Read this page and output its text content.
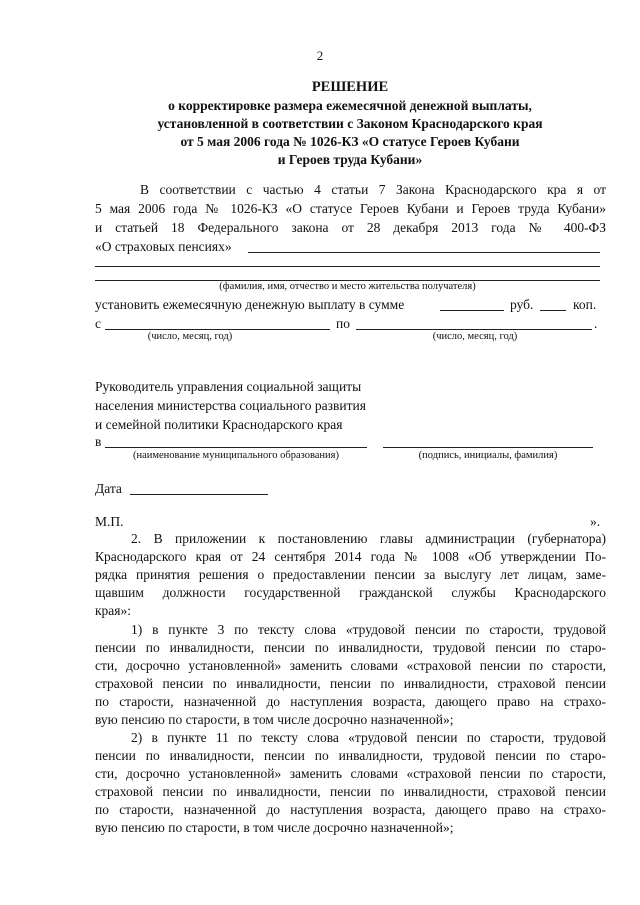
2
РЕШЕНИЕ
о корректировке размера ежемесячной денежной выплаты,
установленной в соответствии с Законом Краснодарского края
от 5 мая 2006 года № 1026-КЗ «О статусе Героев Кубани
и Героев труда Кубани»
В соответствии с частью 4 статьи 7 Закона Краснодарского кра я от
5 мая 2006 года № 1026-КЗ «О статусе Героев Кубани и Героев труда Кубани»
и статьей 18 Федерального закона от 28 декабря 2013 года № 400-ФЗ
«О страховых пенсиях»
(фамилия, имя, отчество и место жительства получателя)
установить ежемесячную денежную выплату в сумме	руб.	коп.
с	по	.
(число, месяц, год)	(число, месяц, год)
Руководитель управления социальной защиты
населения министерства социального развития
и семейной политики Краснодарского края
в
(наименование муниципального образования)	(подпись, инициалы, фамилия)
Дата
М.П.	».
2. В приложении к постановлению главы администрации (губернатора)
Краснодарского края от 24 сентября 2014 года № 1008 «Об утверждении По-
рядка принятия решения о предоставлении пенсии за выслугу лет лицам, заме-
щавшим должности государственной гражданской службы Краснодарского
края»:
1) в пункте 3 по тексту слова «трудовой пенсии по старости, трудовой
пенсии по инвалидности, пенсии по инвалидности, трудовой пенсии по старо-
сти, досрочно установленной» заменить словами «страховой пенсии по старости,
страховой пенсии по инвалидности, пенсии по инвалидности, страховой пенсии
по старости, назначенной до наступления возраста, дающего право на страхо-
вую пенсию по старости, в том числе досрочно назначенной»;
2) в пункте 11 по тексту слова «трудовой пенсии по старости, трудовой
пенсии по инвалидности, пенсии по инвалидности, трудовой пенсии по старо-
сти, досрочно установленной» заменить словами «страховой пенсии по старости,
страховой пенсии по инвалидности, пенсии по инвалидности, страховой пенсии
по старости, назначенной до наступления возраста, дающего право на страхо-
вую пенсию по старости, в том числе досрочно назначенной»;
